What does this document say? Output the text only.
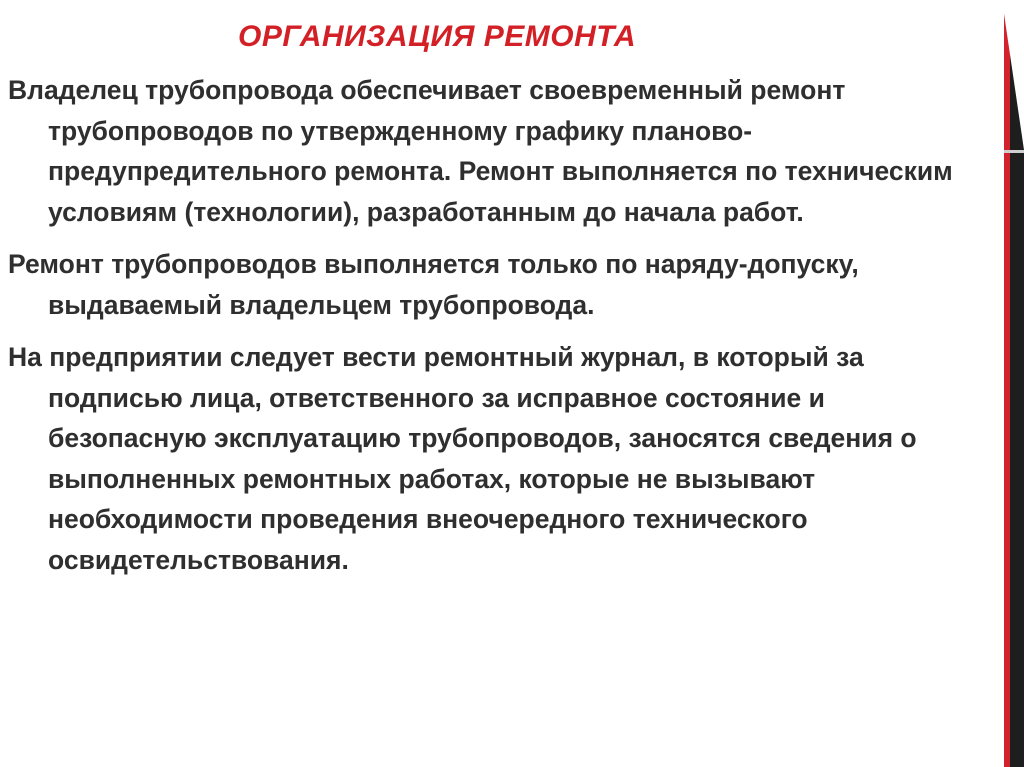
ОРГАНИЗАЦИЯ РЕМОНТА

Владелец трубопровода обеспечивает своевременный ремонт трубопроводов по утвержденному графику планово-предупредительного ремонта. Ремонт выполняется по техническим условиям (технологии), разработанным до начала работ.

Ремонт трубопроводов выполняется только по наряду-допуску, выдаваемый владельцем трубопровода.

На предприятии следует вести ремонтный журнал, в который за подписью лица, ответственного за исправное состояние и безопасную эксплуатацию трубопроводов, заносятся сведения о выполненных ремонтных работах, которые не вызывают необходимости проведения внеочередного технического освидетельствования.
